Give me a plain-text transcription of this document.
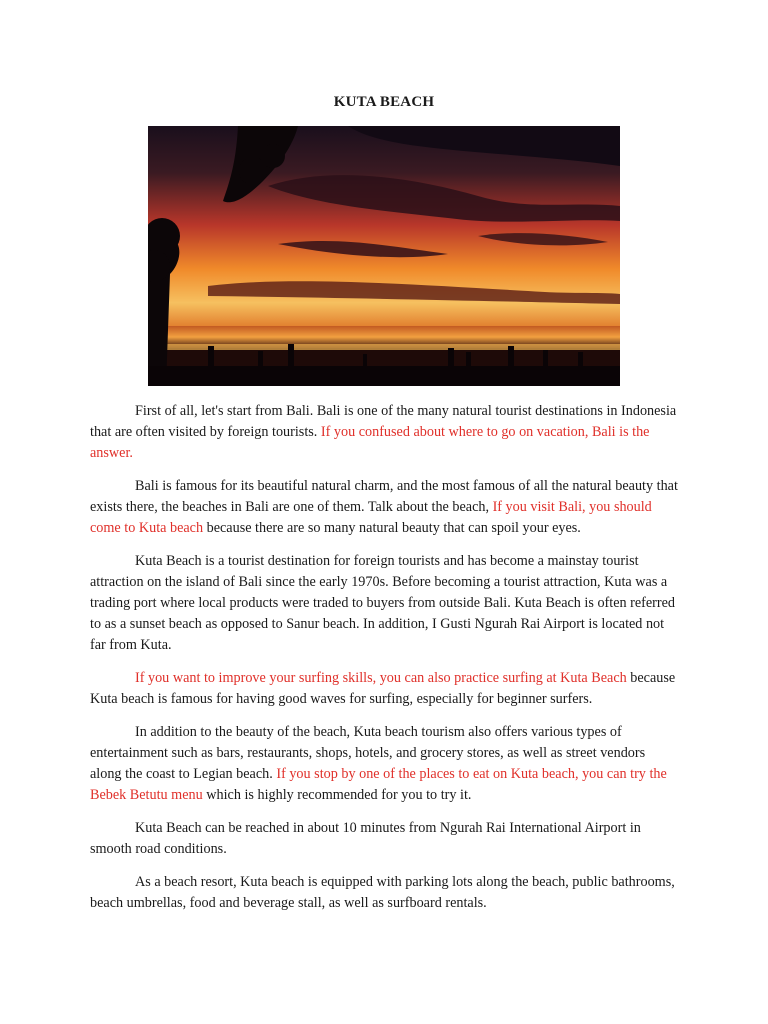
KUTA BEACH

First of all, let's start from Bali. Bali is one of the many natural tourist destinations in Indonesia that are often visited by foreign tourists. If you confused about where to go on vacation, Bali is the answer.

Bali is famous for its beautiful natural charm, and the most famous of all the natural beauty that exists there, the beaches in Bali are one of them. Talk about the beach, If you visit Bali, you should come to Kuta beach because there are so many natural beauty that can spoil your eyes.

Kuta Beach is a tourist destination for foreign tourists and has become a mainstay tourist attraction on the island of Bali since the early 1970s. Before becoming a tourist attraction, Kuta was a trading port where local products were traded to buyers from outside Bali. Kuta Beach is often referred to as a sunset beach as opposed to Sanur beach. In addition, I Gusti Ngurah Rai Airport is located not far from Kuta.

If you want to improve your surfing skills, you can also practice surfing at Kuta Beach because Kuta beach is famous for having good waves for surfing, especially for beginner surfers.

In addition to the beauty of the beach, Kuta beach tourism also offers various types of entertainment such as bars, restaurants, shops, hotels, and grocery stores, as well as street vendors along the coast to Legian beach. If you stop by one of the places to eat on Kuta beach, you can try the Bebek Betutu menu which is highly recommended for you to try it.

Kuta Beach can be reached in about 10 minutes from Ngurah Rai International Airport in smooth road conditions.

As a beach resort, Kuta beach is equipped with parking lots along the beach, public bathrooms, beach umbrellas, food and beverage stall, as well as surfboard rentals.
